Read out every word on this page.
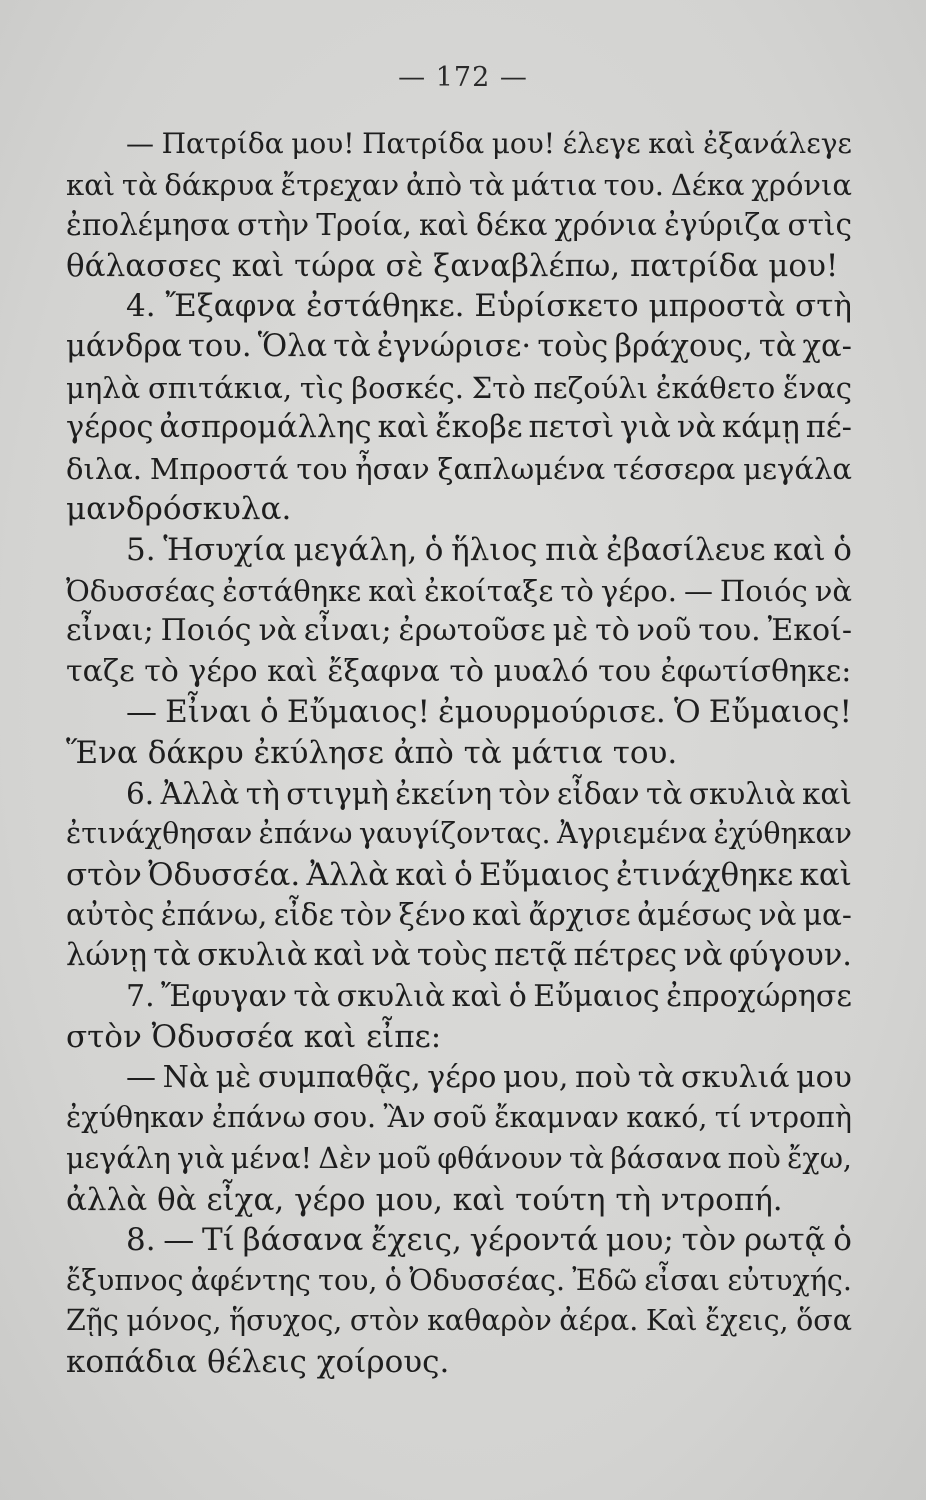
— 172 —
— Πατρίδα μου! Πατρίδα μου! έλεγε καὶ ἐξανάλεγε
καὶ τὰ δάκρυα ἔτρεχαν ἀπὸ τὰ μάτια του. Δέκα χρόνια
ἐπολέμησα στὴν Τροία, καὶ δέκα χρόνια ἐγύριζα στὶς
θάλασσες καὶ τώρα σὲ ξαναβλέπω, πατρίδα μου!
4. Ἔξαφνα ἐστάθηκε. Εὑρίσκετο μπροστὰ στὴ
μάνδρα του. Ὅλα τὰ ἐγνώρισε· τοὺς βράχους, τὰ χα-
μηλὰ σπιτάκια, τὶς βοσκές. Στὸ πεζούλι ἐκάθετο ἕνας
γέρος ἀσπρομάλλης καὶ ἔκοβε πετσὶ γιὰ νὰ κάμῃ πέ-
διλα. Μπροστά του ἦσαν ξαπλωμένα τέσσερα μεγάλα
μανδρόσκυλα.
5. Ἡσυχία μεγάλη, ὁ ἥλιος πιὰ ἐβασίλευε καὶ ὁ
Ὀδυσσέας ἐστάθηκε καὶ ἐκοίταξε τὸ γέρο. — Ποιός νὰ
εἶναι; Ποιός νὰ εἶναι; ἐρωτοῦσε μὲ τὸ νοῦ του. Ἐκοί-
ταζε τὸ γέρο καὶ ἔξαφνα τὸ μυαλό του ἐφωτίσθηκε:
— Εἶναι ὁ Εὔμαιος! ἐμουρμούρισε. Ὁ Εὔμαιος!
Ἕνα δάκρυ ἐκύλησε ἀπὸ τὰ μάτια του.
6. Ἀλλὰ τὴ στιγμὴ ἐκείνη τὸν εἶδαν τὰ σκυλιὰ καὶ
ἐτινάχθησαν ἐπάνω γαυγίζοντας. Ἀγριεμένα ἐχύθηκαν
στὸν Ὀδυσσέα. Ἀλλὰ καὶ ὁ Εὔμαιος ἐτινάχθηκε καὶ
αὐτὸς ἐπάνω, εἶδε τὸν ξένο καὶ ἄρχισε ἀμέσως νὰ μα-
λώνῃ τὰ σκυλιὰ καὶ νὰ τοὺς πετᾷ πέτρες νὰ φύγουν.
7. Ἔφυγαν τὰ σκυλιὰ καὶ ὁ Εὔμαιος ἐπροχώρησε
στὸν Ὀδυσσέα καὶ εἶπε:
— Νὰ μὲ συμπαθᾷς, γέρο μου, ποὺ τὰ σκυλιά μου
ἐχύθηκαν ἐπάνω σου. Ἂν σοῦ ἔκαμναν κακό, τί ντροπὴ
μεγάλη γιὰ μένα! Δὲν μοῦ φθάνουν τὰ βάσανα ποὺ ἔχω,
ἀλλὰ θὰ εἶχα, γέρο μου, καὶ τούτη τὴ ντροπή.
8. — Τί βάσανα ἔχεις, γέροντά μου; τὸν ρωτᾷ ὁ
ἔξυπνος ἀφέντης του, ὁ Ὀδυσσέας. Ἐδῶ εἶσαι εὐτυχής.
Ζῇς μόνος, ἥσυχος, στὸν καθαρὸν ἀέρα. Καὶ ἔχεις, ὅσα
κοπάδια θέλεις χοίρους.
